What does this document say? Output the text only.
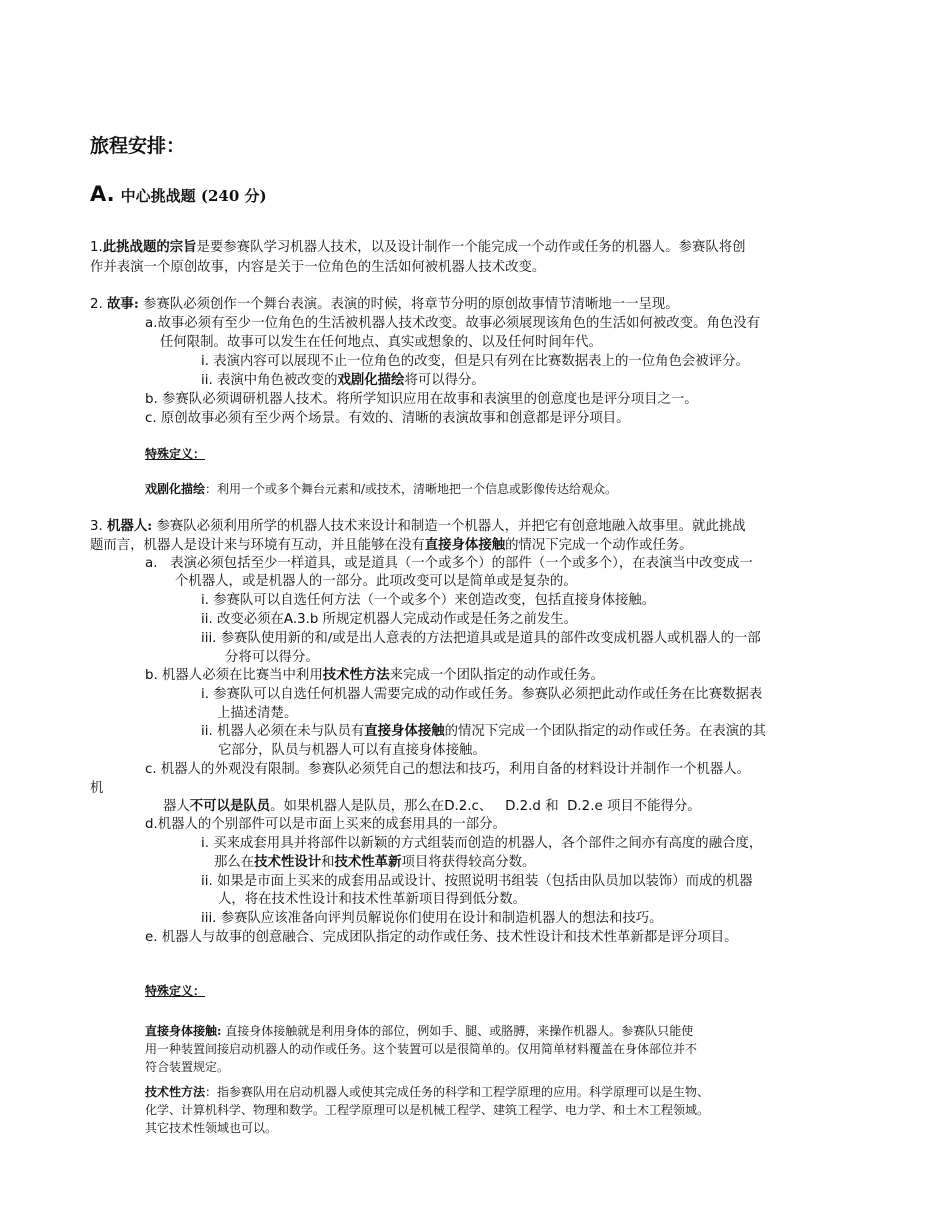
旅程安排：
A. 中心挑战题 (240 分)
1.此挑战题的宗旨是要参赛队学习机器人技术，以及设计制作一个能完成一个动作或任务的机器人。参赛队将创
作并表演一个原创故事，内容是关于一位角色的生活如何被机器人技术改变。
2. 故事: 参赛队必须创作一个舞台表演。表演的时候，将章节分明的原创故事情节清晰地一一呈现。
a.故事必须有至少一位角色的生活被机器人技术改变。故事必须展现该角色的生活如何被改变。角色没有
任何限制。故事可以发生在任何地点、真实或想象的、以及任何时间年代。
i. 表演内容可以展现不止一位角色的改变，但是只有列在比赛数据表上的一位角色会被评分。
ii. 表演中角色被改变的戏剧化描绘将可以得分。
b. 参赛队必须调研机器人技术。将所学知识应用在故事和表演里的创意度也是评分项目之一。
c. 原创故事必须有至少两个场景。有效的、清晰的表演故事和创意都是评分项目。
特殊定义：
戏剧化描绘：利用一个或多个舞台元素和/或技术，清晰地把一个信息或影像传达给观众。
3. 机器人: 参赛队必须利用所学的机器人技术来设计和制造一个机器人，并把它有创意地融入故事里。就此挑战
题而言，机器人是设计来与环境有互动，并且能够在没有直接身体接触的情况下完成一个动作或任务。
a. 表演必须包括至少一样道具，或是道具（一个或多个）的部件（一个或多个），在表演当中改变成一
个机器人，或是机器人的一部分。此项改变可以是简单或是复杂的。
i. 参赛队可以自选任何方法（一个或多个）来创造改变，包括直接身体接触。
ii. 改变必须在A.3.b 所规定机器人完成动作或是任务之前发生。
iii. 参赛队使用新的和/或是出人意表的方法把道具或是道具的部件改变成机器人或机器人的一部
分将可以得分。
b. 机器人必须在比赛当中利用技术性方法来完成一个团队指定的动作或任务。
i. 参赛队可以自选任何机器人需要完成的动作或任务。参赛队必须把此动作或任务在比赛数据表
上描述清楚。
ii. 机器人必须在未与队员有直接身体接触的情况下完成一个团队指定的动作或任务。在表演的其
它部分，队员与机器人可以有直接身体接触。
c. 机器人的外观没有限制。参赛队必须凭自己的想法和技巧，利用自备的材料设计并制作一个机器人。
机
器人不可以是队员。如果机器人是队员，那么在D.2.c、 D.2.d 和 D.2.e 项目不能得分。
d.机器人的个别部件可以是市面上买来的成套用具的一部分。
i. 买来成套用具并将部件以新颖的方式组装而创造的机器人，各个部件之间亦有高度的融合度，
那么在技术性设计和技术性革新项目将获得较高分数。
ii. 如果是市面上买来的成套用品或设计、按照说明书组装（包括由队员加以装饰）而成的机器
人，将在技术性设计和技术性革新项目得到低分数。
iii. 参赛队应该准备向评判员解说你们使用在设计和制造机器人的想法和技巧。
e. 机器人与故事的创意融合、完成团队指定的动作或任务、技术性设计和技术性革新都是评分项目。
特殊定义：
直接身体接触: 直接身体接触就是利用身体的部位，例如手、腿、或胳膊，来操作机器人。参赛队只能使
用一种装置间接启动机器人的动作或任务。这个装置可以是很简单的。仅用简单材料覆盖在身体部位并不
符合装置规定。
技术性方法：指参赛队用在启动机器人或使其完成任务的科学和工程学原理的应用。科学原理可以是生物、
化学、计算机科学、物理和数学。工程学原理可以是机械工程学、建筑工程学、电力学、和土木工程领域。
其它技术性领域也可以。
